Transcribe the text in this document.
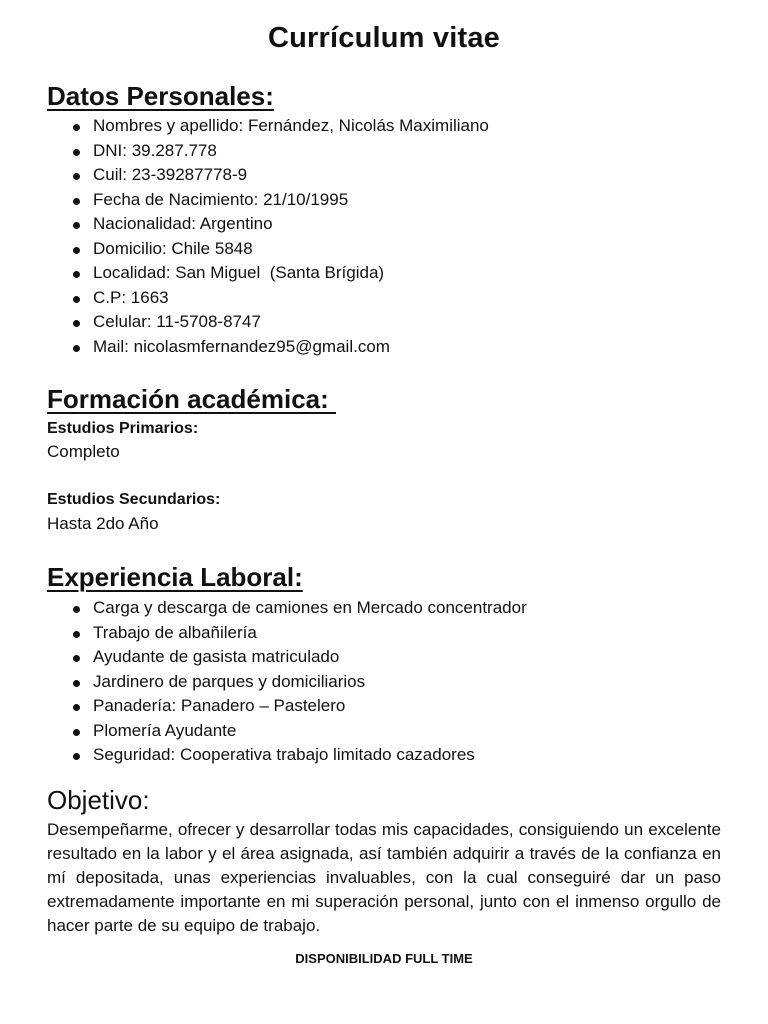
Currículum vitae
Datos Personales:
Nombres y apellido: Fernández, Nicolás Maximiliano
DNI: 39.287.778
Cuil: 23-39287778-9
Fecha de Nacimiento: 21/10/1995
Nacionalidad: Argentino
Domicilio: Chile 5848
Localidad: San Miguel  (Santa Brígida)
C.P: 1663
Celular: 11-5708-8747
Mail: nicolasmfernandez95@gmail.com
Formación académica:
Estudios Primarios:
Completo
Estudios Secundarios:
Hasta 2do Año
Experiencia Laboral:
Carga y descarga de camiones en Mercado concentrador
Trabajo de albañilería
Ayudante de gasista matriculado
Jardinero de parques y domiciliarios
Panadería: Panadero – Pastelero
Plomería Ayudante
Seguridad: Cooperativa trabajo limitado cazadores
Objetivo:

Desempeñarme, ofrecer y desarrollar todas mis capacidades, consiguiendo un excelente resultado en la labor y el área asignada, así también adquirir a través de la confianza en mí depositada, unas experiencias invaluables, con la cual conseguiré dar un paso extremadamente importante en mi superación personal, junto con el inmenso orgullo de hacer parte de su equipo de trabajo.

DISPONIBILIDAD FULL TIME
